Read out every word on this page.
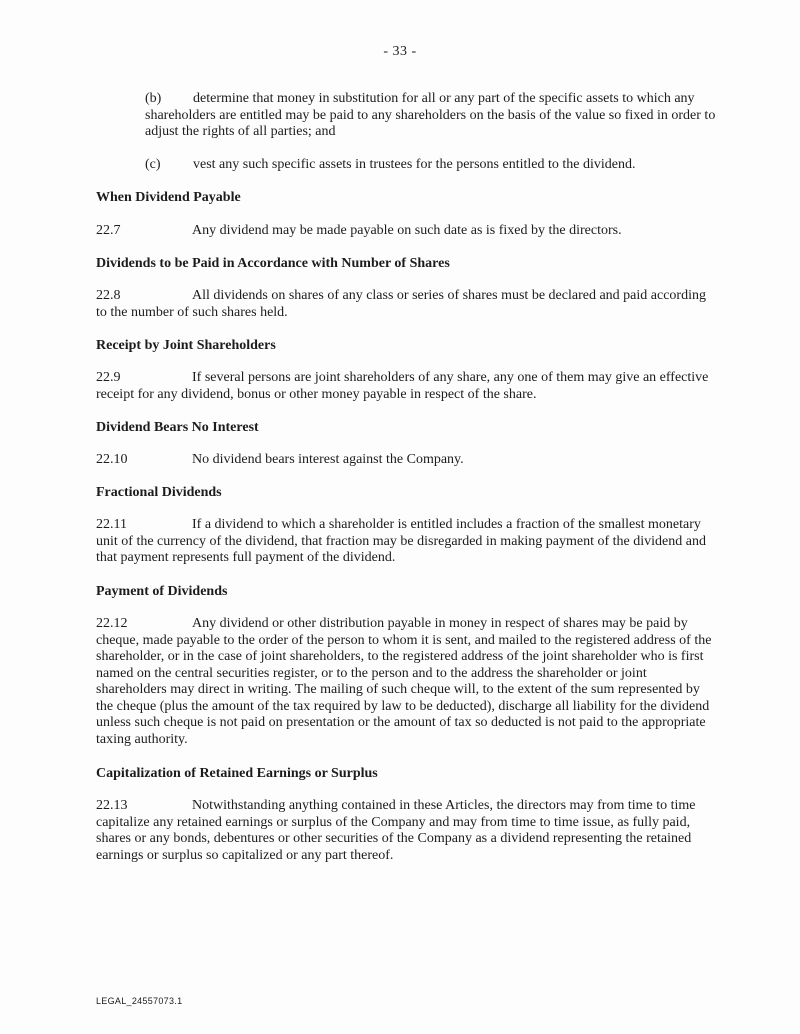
- 33 -
(b) determine that money in substitution for all or any part of the specific assets to which any shareholders are entitled may be paid to any shareholders on the basis of the value so fixed in order to adjust the rights of all parties; and
(c) vest any such specific assets in trustees for the persons entitled to the dividend.
When Dividend Payable
22.7	Any dividend may be made payable on such date as is fixed by the directors.
Dividends to be Paid in Accordance with Number of Shares
22.8	All dividends on shares of any class or series of shares must be declared and paid according to the number of such shares held.
Receipt by Joint Shareholders
22.9	If several persons are joint shareholders of any share, any one of them may give an effective receipt for any dividend, bonus or other money payable in respect of the share.
Dividend Bears No Interest
22.10	No dividend bears interest against the Company.
Fractional Dividends
22.11	If a dividend to which a shareholder is entitled includes a fraction of the smallest monetary unit of the currency of the dividend, that fraction may be disregarded in making payment of the dividend and that payment represents full payment of the dividend.
Payment of Dividends
22.12	Any dividend or other distribution payable in money in respect of shares may be paid by cheque, made payable to the order of the person to whom it is sent, and mailed to the registered address of the shareholder, or in the case of joint shareholders, to the registered address of the joint shareholder who is first named on the central securities register, or to the person and to the address the shareholder or joint shareholders may direct in writing. The mailing of such cheque will, to the extent of the sum represented by the cheque (plus the amount of the tax required by law to be deducted), discharge all liability for the dividend unless such cheque is not paid on presentation or the amount of tax so deducted is not paid to the appropriate taxing authority.
Capitalization of Retained Earnings or Surplus
22.13	Notwithstanding anything contained in these Articles, the directors may from time to time capitalize any retained earnings or surplus of the Company and may from time to time issue, as fully paid, shares or any bonds, debentures or other securities of the Company as a dividend representing the retained earnings or surplus so capitalized or any part thereof.
LEGAL_24557073.1
